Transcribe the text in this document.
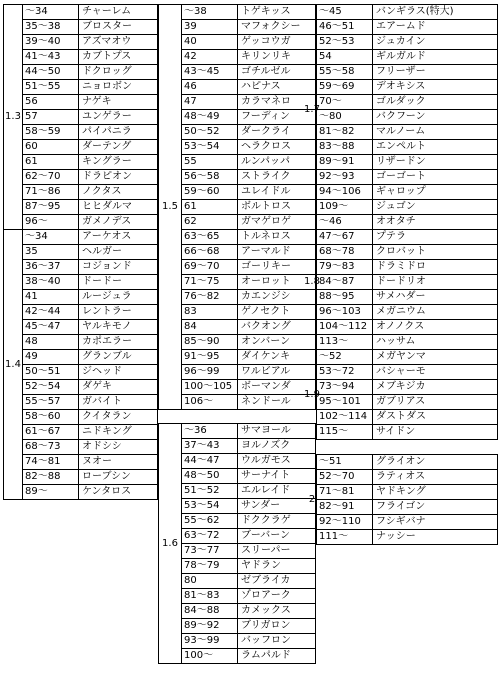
1.3
～34	チャーレム
35～38	ブロスター
39～40	アズマオウ
41～43	カブトプス
44～50	ドクロッグ
51～55	ニョロボン
56	ナゲキ
57	ユンゲラー
58～59	パイパニラ
60	ダーテング
61	キングラー
62～70	ドラピオン
71～86	ノクタス
87～95	ヒヒダルマ
96～	ガメノデス
1.4
～34	アーケオス
35	ヘルガー
36～37	コジョンド
38～40	ドードー
41	ルージュラ
42～44	レントラー
45～47	ヤルキモノ
48	カポエラー
49	グランブル
50～51	ジヘッド
52～54	ダゲキ
55～57	ガバイト
58～60	クイタラン
61～67	ニドキング
68～73	オドシシ
74～81	ヌオー
82～88	ローブシン
89～	ケンタロス
1.5
～38	トゲキッス
39	マフォクシー
40	ゲッコウガ
42	キリンリキ
43～45	ゴチルゼル
46	ハピナス
47	カラマネロ
48～49	フーディン
50～52	ダークライ
53～54	ヘラクロス
55	ルンパッパ
56～58	ストライク
59～60	ユレイドル
61	ボルトロス
62	ガマゲロゲ
63～65	トルネロス
66～68	アーマルド
69～70	ゴーリキー
71～75	オーロット
76～82	カエンジシ
83	ゲノセクト
84	バクオング
85～90	オンバーン
91～95	ダイケンキ
96～99	ワルビアル
100～105 ボーマンダ
106～	ネンドール
1.6
～36	サマヨール
37～43	ヨルノズク
44～47	ウルガモス
48～50	サーナイト
51～52	エルレイド
53～54	サンダー
55～62	ドククラゲ
63～72	ブーバーン
73～77	スリーパー
78～79	ヤドラン
80	ゼブライカ
81～83	ゾロアーク
84～88	カメックス
89～92	ブリガロン
93～99	バッフロン
100～	ラムパルド
1.7
～45	バンギラス(特大)
46～51	エアームド
52～53	ジュカイン
54	ギルガルド
55～58	フリーザー
59～69	デオキシス
70～	ゴルダック
～80	バクフーン
81～82	マルノーム
83～88	エンペルト
89～91	リザードン
92～93	ゴーゴート
94～106	ギャロップ
109～	ジュゴン
1.8
～46	オオタチ
47～67	プテラ
68～78	クロバット
79～83	ドラミドロ
84～87	ドードリオ
88～95	サメハダー
96～103	メガニウム
104～112 オノノクス
113～	ハッサム
1.9
～52	メガヤンマ
53～72	バシャーモ
73～94	メブキジカ
95～101	ガブリアス
102～114 ダストダス
115～	サイドン
2
～51	グライオン
52～70	ラティオス
71～81	ヤドキング
82～91	フライゴン
92～110	フシギバナ
111～	ナッシー
